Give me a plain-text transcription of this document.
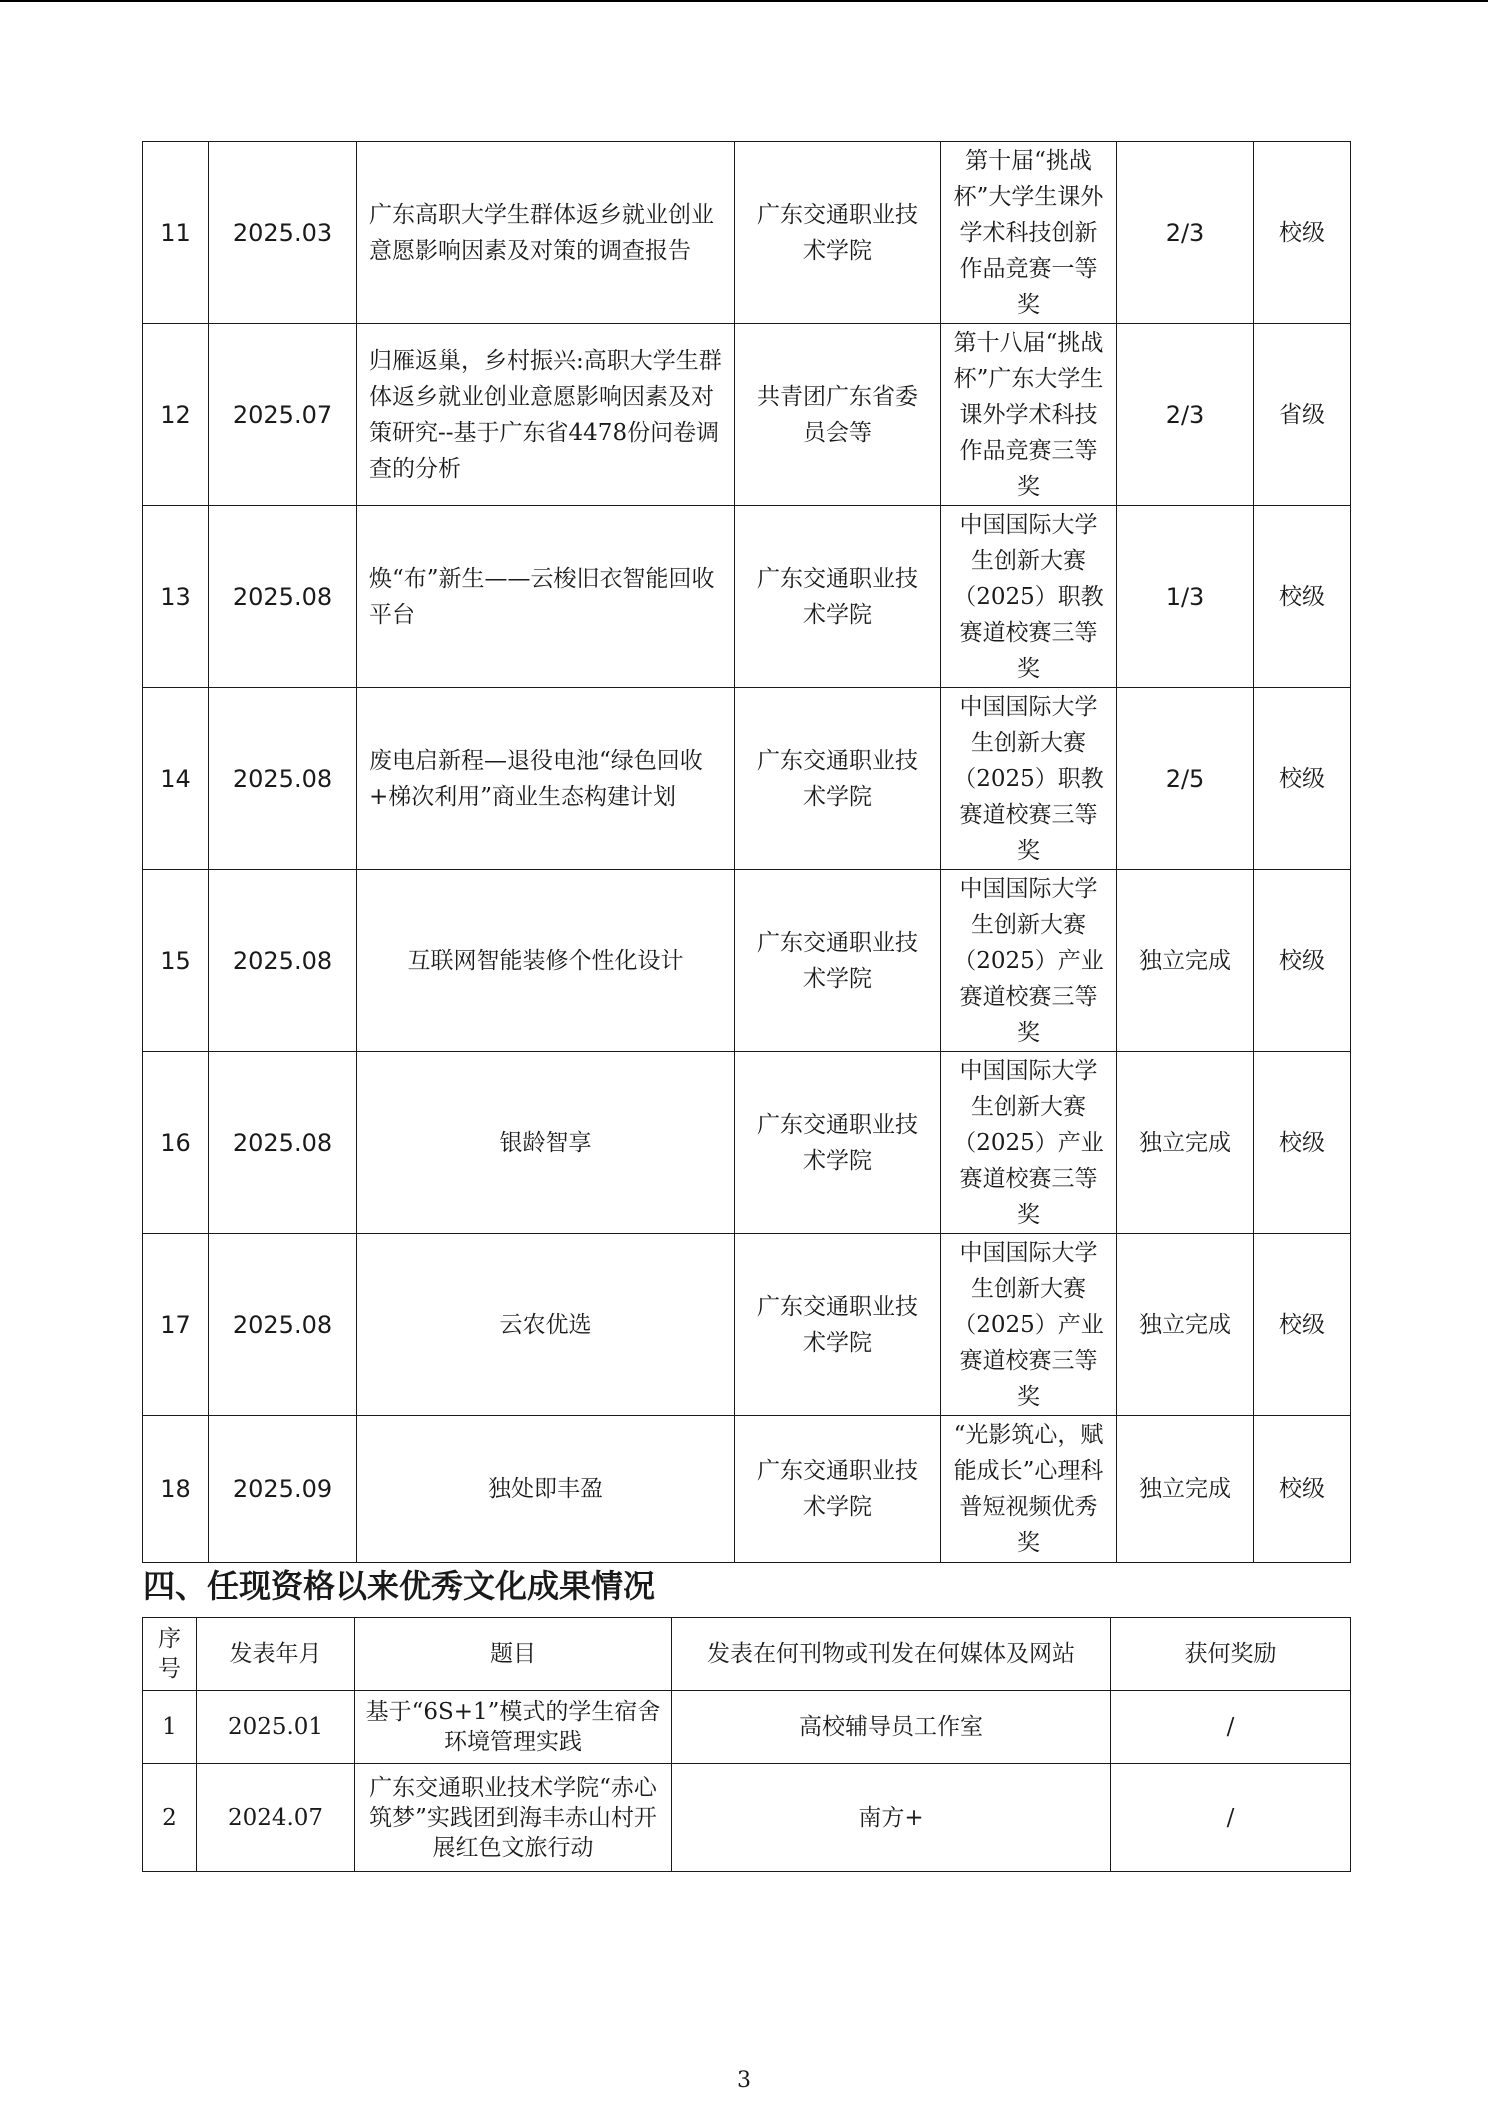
11	2025.03	广东高职大学生群体返乡就业创业意愿影响因素及对策的调查报告	广东交通职业技术学院	第十届“挑战杯”大学生课外学术科技创新作品竞赛一等奖	2/3	校级
12	2025.07	归雁返巢，乡村振兴:高职大学生群体返乡就业创业意愿影响因素及对策研究--基于广东省4478份问卷调查的分析	共青团广东省委员会等	第十八届“挑战杯”广东大学生课外学术科技作品竞赛三等奖	2/3	省级
13	2025.08	焕“布”新生——云梭旧衣智能回收平台	广东交通职业技术学院	中国国际大学生创新大赛（2025）职教赛道校赛三等奖	1/3	校级
14	2025.08	废电启新程—退役电池“绿色回收+梯次利用”商业生态构建计划	广东交通职业技术学院	中国国际大学生创新大赛（2025）职教赛道校赛三等奖	2/5	校级
15	2025.08	互联网智能装修个性化设计	广东交通职业技术学院	中国国际大学生创新大赛（2025）产业赛道校赛三等奖	独立完成	校级
16	2025.08	银龄智享	广东交通职业技术学院	中国国际大学生创新大赛（2025）产业赛道校赛三等奖	独立完成	校级
17	2025.08	云农优选	广东交通职业技术学院	中国国际大学生创新大赛（2025）产业赛道校赛三等奖	独立完成	校级
18	2025.09	独处即丰盈	广东交通职业技术学院	“光影筑心，赋能成长”心理科普短视频优秀奖	独立完成	校级
四、任现资格以来优秀文化成果情况
序号	发表年月	题目	发表在何刊物或刊发在何媒体及网站	获何奖励
1	2025.01	基于“6S+1”模式的学生宿舍环境管理实践	高校辅导员工作室	/
2	2024.07	广东交通职业技术学院“赤心筑梦”实践团到海丰赤山村开展红色文旅行动	南方+	/
3
